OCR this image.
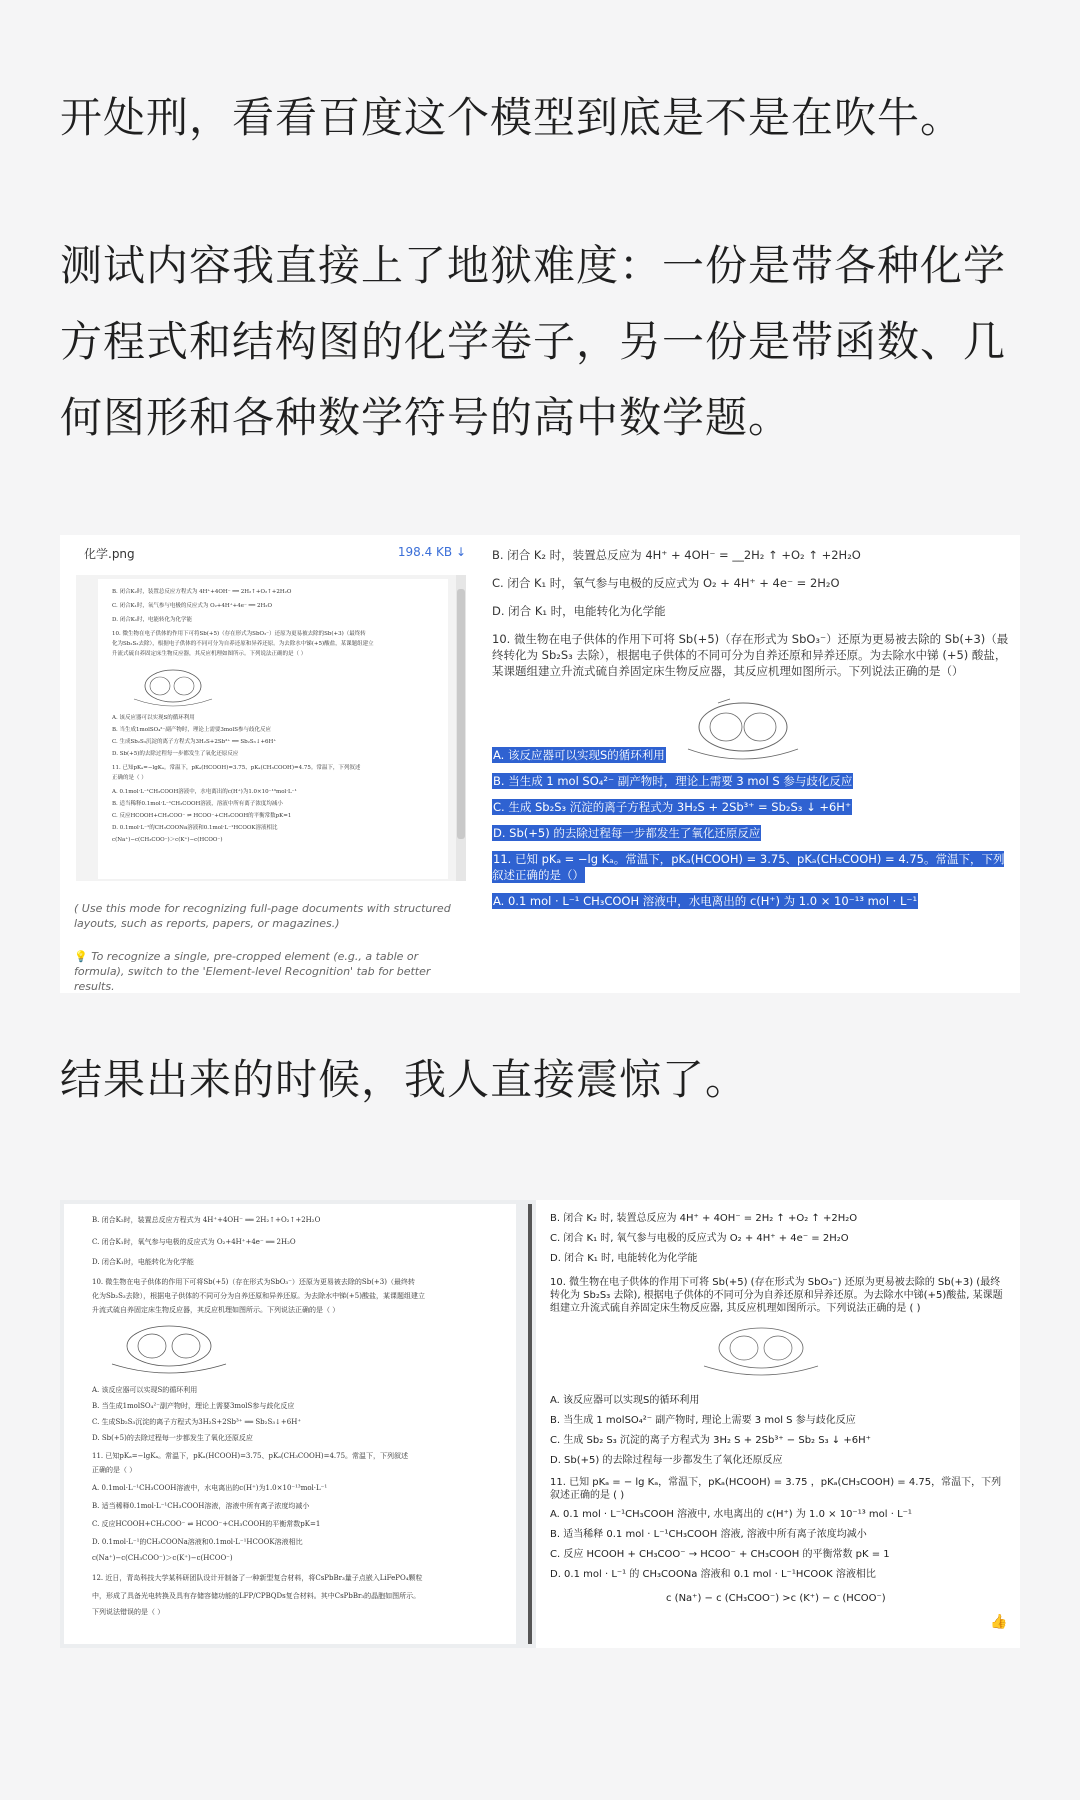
开处刑，看看百度这个模型到底是不是在吹牛。
测试内容我直接上了地狱难度：一份是带各种化学方程式和结构图的化学卷子，另一份是带函数、几何图形和各种数学符号的高中数学题。
化学.png	198.4 KB ↓
B. 闭合K₂时，装置总反应方程式为 4H⁺+4OH⁻ ══ 2H₂↑+O₂↑+2H₂O
C. 闭合K₁时，氧气参与电极的反应式为 O₂+4H⁺+4e⁻ ══ 2H₂O
D. 闭合K₁时，电能转化为化学能
10. 微生物在电子供体的作用下可将Sb(+5)（存在形式为SbO₃⁻）还原为更易被去除的Sb(+3)（最终转
化为Sb₂S₃去除），根据电子供体的不同可分为自养还原和异养还原。为去除水中锑(+5)酸盐，某课题组建立
升流式硫自养固定床生物反应器，其反应机理如图所示。下列说法正确的是（ ）
A. 该反应器可以实现S的循环利用
B. 当生成1molSO₄²⁻副产物时，理论上需要3molS参与歧化反应
C. 生成Sb₂S₃沉淀的离子方程式为3H₂S+2Sb³⁺ ══ Sb₂S₃↓+6H⁺
D. Sb(+5)的去除过程每一步都发生了氧化还原反应
11. 已知pKₐ=−lgKₐ。常温下，pKₐ(HCOOH)=3.75、pKₐ(CH₃COOH)=4.75。常温下，下列叙述
正确的是（ ）
A. 0.1mol·L⁻¹CH₃COOH溶液中，水电离出的c(H⁺)为1.0×10⁻¹³mol·L⁻¹
B. 适当稀释0.1mol·L⁻¹CH₃COOH溶液，溶液中所有离子浓度均减小
C. 反应HCOOH+CH₃COO⁻ ⇌ HCOO⁻+CH₃COOH的平衡常数pK=1
D. 0.1mol·L⁻¹的CH₃COONa溶液和0.1mol·L⁻¹HCOOK溶液相比
c(Na⁺)−c(CH₃COO⁻)＞c(K⁺)−c(HCOO⁻)
( Use this mode for recognizing full-page documents with structured layouts, such as reports, papers, or magazines.)
💡 To recognize a single, pre-cropped element (e.g., a table or formula), switch to the 'Element-level Recognition' tab for better results.
B. 闭合 K₂ 时，装置总反应为 4H⁺ + 4OH⁻ = __2H₂ ↑ +O₂ ↑ +2H₂O
C. 闭合 K₁ 时，氧气参与电极的反应式为 O₂ + 4H⁺ + 4e⁻ = 2H₂O
D. 闭合 K₁ 时，电能转化为化学能
10. 微生物在电子供体的作用下可将 Sb(+5)（存在形式为 SbO₃⁻）还原为更易被去除的 Sb(+3)（最终转化为 Sb₂S₃ 去除），根据电子供体的不同可分为自养还原和异养还原。为去除水中锑 (+5) 酸盐，某课题组建立升流式硫自养固定床生物反应器，其反应机理如图所示。下列说法正确的是（）
A. 该反应器可以实现S的循环利用
B. 当生成 1 mol SO₄²⁻ 副产物时，理论上需要 3 mol S 参与歧化反应
C. 生成 Sb₂S₃ 沉淀的离子方程式为 3H₂S + 2Sb³⁺ = Sb₂S₃ ↓ +6H⁺
D. Sb(+5) 的去除过程每一步都发生了氧化还原反应
11. 已知 pKₐ = −lg Kₐ。常温下，pKₐ(HCOOH) = 3.75、pKₐ(CH₃COOH) = 4.75。常温下，下列叙述正确的是（）
A. 0.1 mol · L⁻¹ CH₃COOH 溶液中，水电离出的 c(H⁺) 为 1.0 × 10⁻¹³ mol · L⁻¹
结果出来的时候，我人直接震惊了。
B. 闭合K₂时，装置总反应方程式为 4H⁺+4OH⁻ ══ 2H₂↑+O₂↑+2H₂O
C. 闭合K₁时，氧气参与电极的反应式为 O₂+4H⁺+4e⁻ ══ 2H₂O
D. 闭合K₁时，电能转化为化学能
10. 微生物在电子供体的作用下可将Sb(+5)（存在形式为SbO₃⁻）还原为更易被去除的Sb(+3)（最终转
化为Sb₂S₃去除），根据电子供体的不同可分为自养还原和异养还原。为去除水中锑(+5)酸盐，某课题组建立
升流式硫自养固定床生物反应器，其反应机理如图所示。下列说法正确的是（ ）
A. 该反应器可以实现S的循环利用
B. 当生成1molSO₄²⁻副产物时，理论上需要3molS参与歧化反应
C. 生成Sb₂S₃沉淀的离子方程式为3H₂S+2Sb³⁺ ══ Sb₂S₃↓+6H⁺
D. Sb(+5)的去除过程每一步都发生了氧化还原反应
11. 已知pKₐ=−lgKₐ。常温下，pKₐ(HCOOH)=3.75、pKₐ(CH₃COOH)=4.75。常温下，下列叙述
正确的是（ ）
A. 0.1mol·L⁻¹CH₃COOH溶液中，水电离出的c(H⁺)为1.0×10⁻¹³mol·L⁻¹
B. 适当稀释0.1mol·L⁻¹CH₃COOH溶液，溶液中所有离子浓度均减小
C. 反应HCOOH+CH₃COO⁻ ⇌ HCOO⁻+CH₃COOH的平衡常数pK=1
D. 0.1mol·L⁻¹的CH₃COONa溶液和0.1mol·L⁻¹HCOOK溶液相比
c(Na⁺)−c(CH₃COO⁻)＞c(K⁺)−c(HCOO⁻)
12. 近日，青岛科技大学某科研团队设计开制备了一种新型复合材料，将CsPbBr₃量子点嵌入LiFePO₄颗粒
中，形成了具备光电转换及具有存储容储功能的LFP/CPBQDs复合材料。其中CsPbBr₃的晶胞如图所示。
下列说法错误的是（ ）
B. 闭合 K₂ 时, 装置总反应为 4H⁺ + 4OH⁻ = 2H₂ ↑ +O₂ ↑ +2H₂O
C. 闭合 K₁ 时, 氧气参与电极的反应式为 O₂ + 4H⁺ + 4e⁻ = 2H₂O
D. 闭合 K₁ 时, 电能转化为化学能
10. 微生物在电子供体的作用下可将 Sb(+5) (存在形式为 SbO₃⁻) 还原为更易被去除的 Sb(+3) (最终转化为 Sb₂S₃ 去除), 根据电子供体的不同可分为自养还原和异养还原。为去除水中锑(+5)酸盐, 某课题组建立升流式硫自养固定床生物反应器, 其反应机理如图所示。下列说法正确的是 ( )
A. 该反应器可以实现S的循环利用
B. 当生成 1 molSO₄²⁻ 副产物时, 理论上需要 3 mol S 参与歧化反应
C. 生成 Sb₂ S₃ 沉淀的离子方程式为 3H₂ S + 2Sb³⁺ − Sb₂ S₃ ↓ +6H⁺
D. Sb(+5) 的去除过程每一步都发生了氧化还原反应
11. 已知 pKₐ = − lg Kₐ，常温下，pKₐ(HCOOH) = 3.75 ，pKₐ(CH₃COOH) = 4.75，常温下，下列叙述正确的是 ( )
A. 0.1 mol · L⁻¹CH₃COOH 溶液中, 水电离出的 c(H⁺) 为 1.0 × 10⁻¹³ mol · L⁻¹
B. 适当稀释 0.1 mol · L⁻¹CH₃COOH 溶液, 溶液中所有离子浓度均减小
C. 反应 HCOOH + CH₃COO⁻ → HCOO⁻ + CH₃COOH 的平衡常数 pK = 1
D. 0.1 mol · L⁻¹ 的 CH₃COONa 溶液和 0.1 mol · L⁻¹HCOOK 溶液相比
c (Na⁺) − c (CH₃COO⁻) >c (K⁺) − c (HCOO⁻)
👍
